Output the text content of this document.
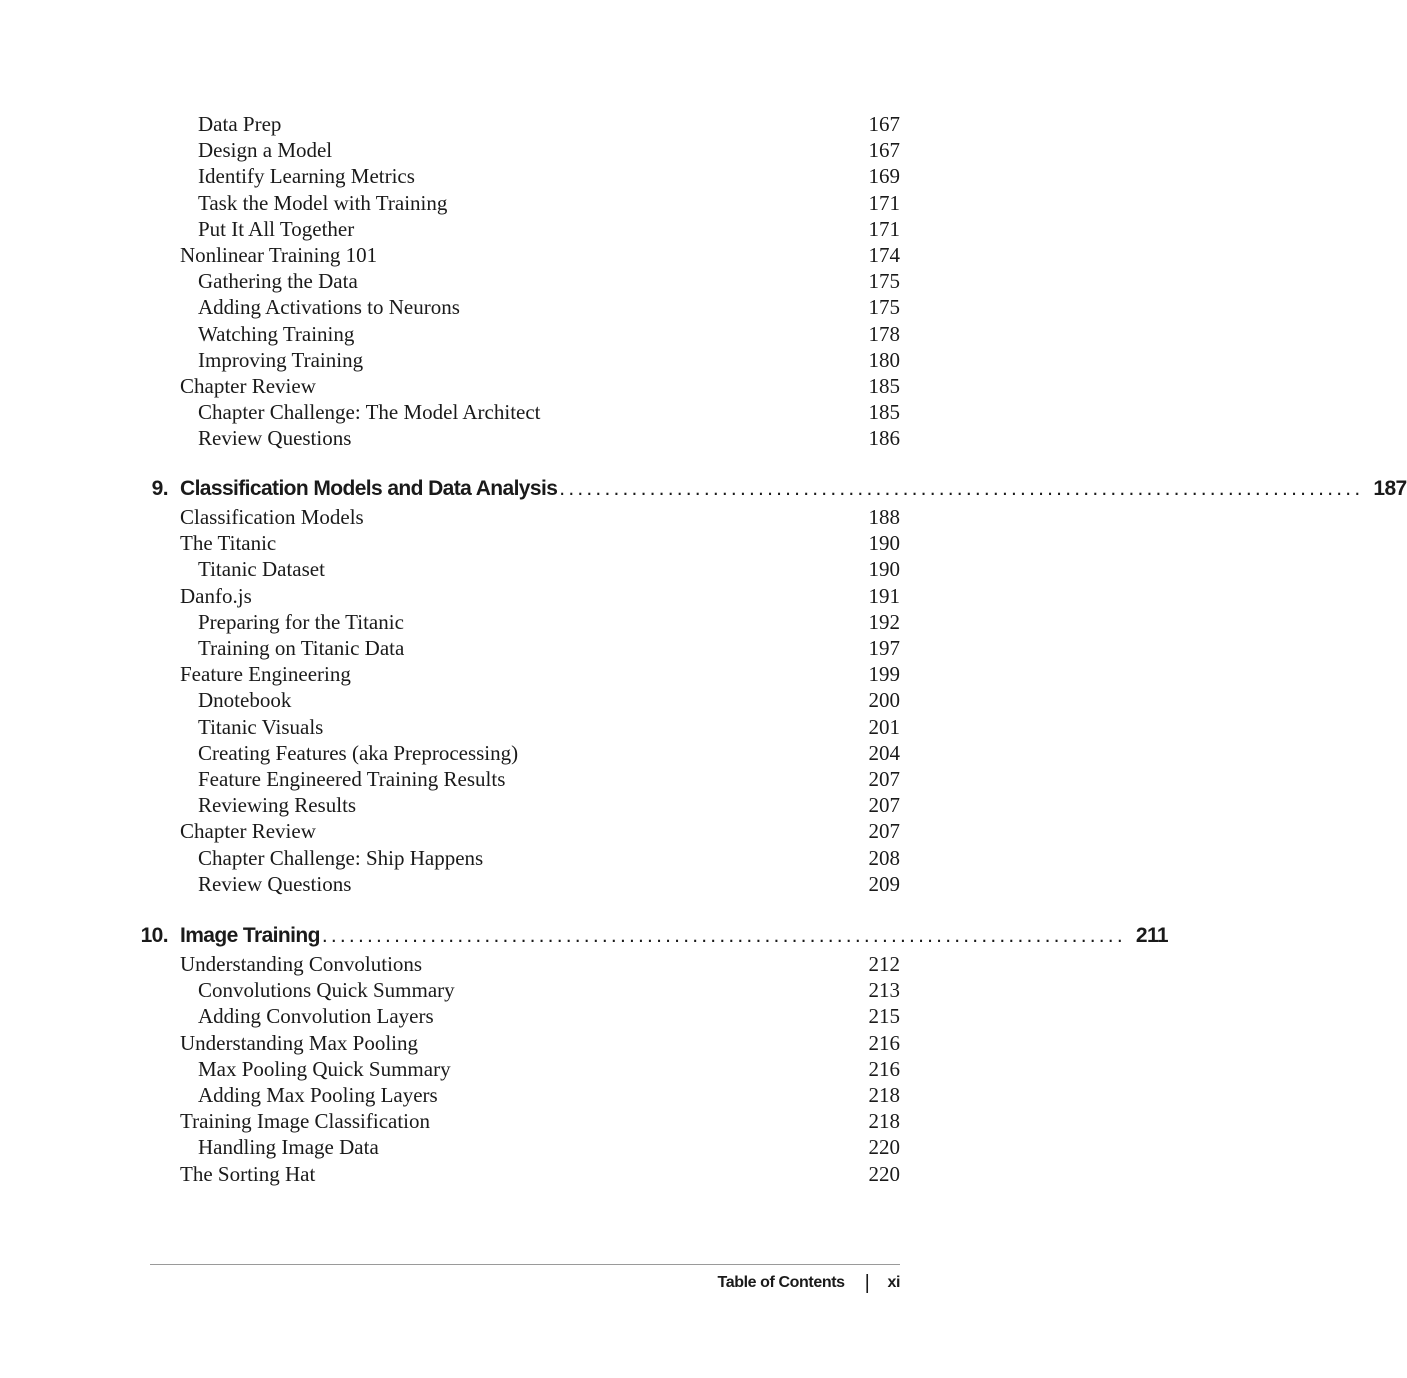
Data Prep	167
Design a Model	167
Identify Learning Metrics	169
Task the Model with Training	171
Put It All Together	171
Nonlinear Training 101	174
Gathering the Data	175
Adding Activations to Neurons	175
Watching Training	178
Improving Training	180
Chapter Review	185
Chapter Challenge: The Model Architect	185
Review Questions	186
9. Classification Models and Data Analysis ......................................................................................... 187
Classification Models	188
The Titanic	190
Titanic Dataset	190
Danfo.js	191
Preparing for the Titanic	192
Training on Titanic Data	197
Feature Engineering	199
Dnotebook	200
Titanic Visuals	201
Creating Features (aka Preprocessing)	204
Feature Engineered Training Results	207
Reviewing Results	207
Chapter Review	207
Chapter Challenge: Ship Happens	208
Review Questions	209
10. Image Training ......................................................................................... 211
Understanding Convolutions	212
Convolutions Quick Summary	213
Adding Convolution Layers	215
Understanding Max Pooling	216
Max Pooling Quick Summary	216
Adding Max Pooling Layers	218
Training Image Classification	218
Handling Image Data	220
The Sorting Hat	220
Table of Contents | xi
